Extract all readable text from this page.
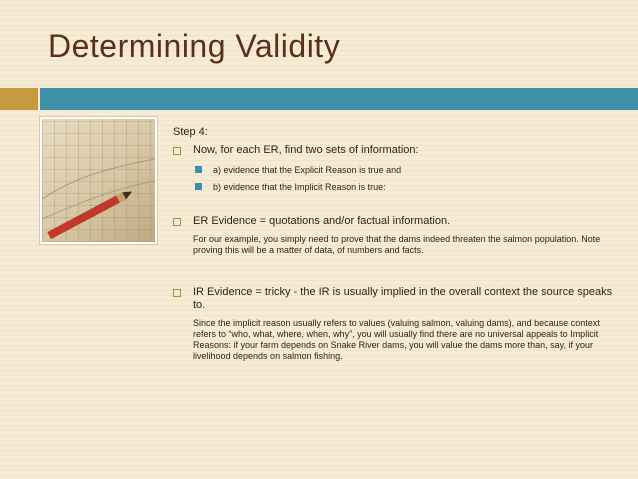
Determining Validity
Step 4:
Now, for each ER, find two sets of information:
a) evidence that the Explicit Reason is true and
b) evidence that the Implicit Reason is true:
ER Evidence = quotations and/or factual information.
For our example, you simply need to prove that the dams indeed threaten the salmon population. Note proving this will be a matter of data, of numbers and facts.
IR Evidence = tricky - the IR is usually implied in the overall context the source speaks to.
Since the implicit reason usually refers to values (valuing salmon, valuing dams), and because context refers to “who, what, where, when, why”, you will usually find there are no universal appeals to Implicit Reasons: if your farm depends on Snake River dams, you will value the dams more than, say, if your livelihood depends on salmon fishing.
